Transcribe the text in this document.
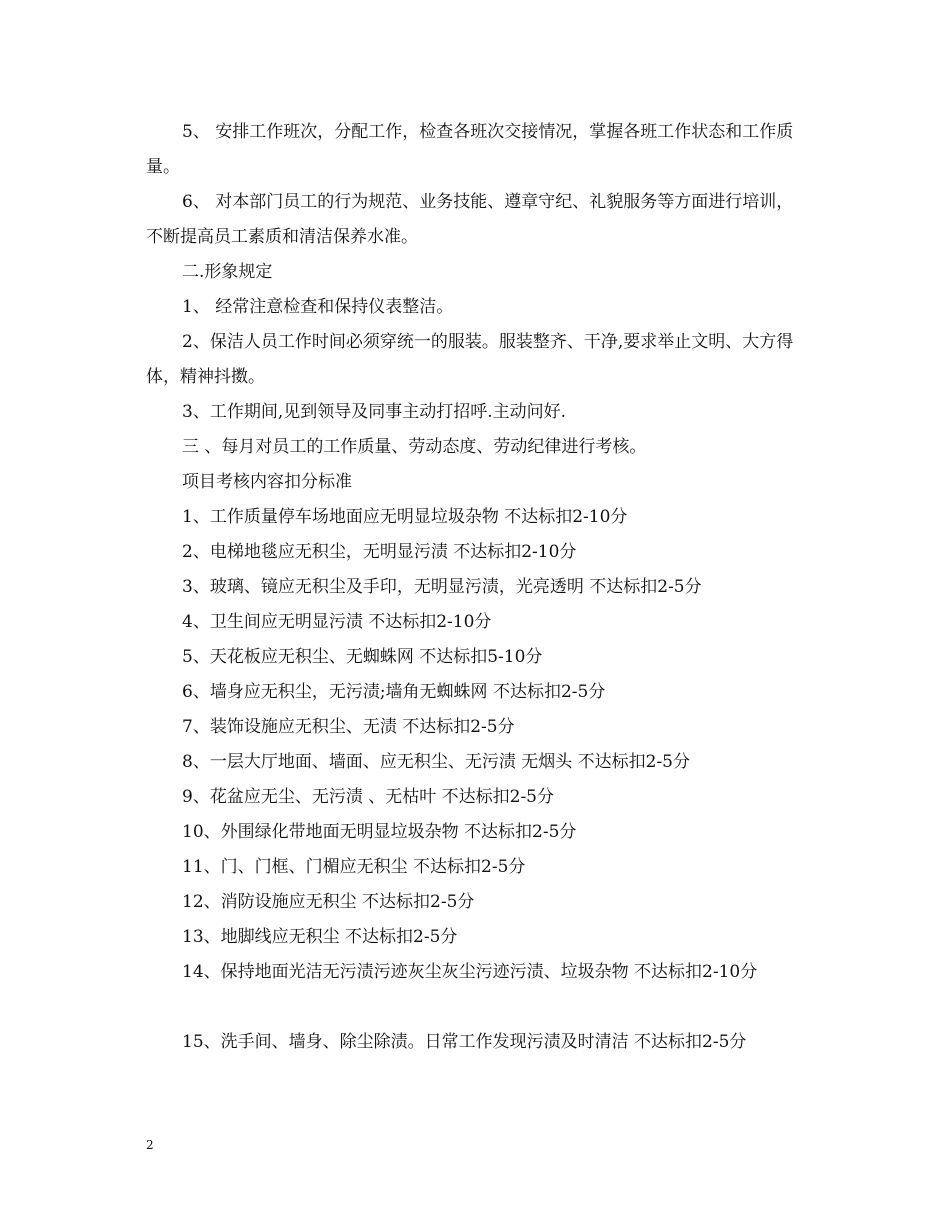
5、 安排工作班次，分配工作，检查各班次交接情况，掌握各班工作状态和工作质量。
6、 对本部门员工的行为规范、业务技能、遵章守纪、礼貌服务等方面进行培训，不断提高员工素质和清洁保养水准。
二.形象规定
1、 经常注意检查和保持仪表整洁。
2、保洁人员工作时间必须穿统一的服装。服装整齐、干净,要求举止文明、大方得体，精神抖擞。
3、工作期间,见到领导及同事主动打招呼.主动问好.
三 、每月对员工的工作质量、劳动态度、劳动纪律进行考核。
项目考核内容扣分标准
1、工作质量停车场地面应无明显垃圾杂物 不达标扣2-10分
2、电梯地毯应无积尘，无明显污渍 不达标扣2-10分
3、玻璃、镜应无积尘及手印，无明显污渍，光亮透明 不达标扣2-5分
4、卫生间应无明显污渍 不达标扣2-10分
5、天花板应无积尘、无蜘蛛网 不达标扣5-10分
6、墙身应无积尘，无污渍;墙角无蜘蛛网 不达标扣2-5分
7、装饰设施应无积尘、无渍 不达标扣2-5分
8、一层大厅地面、墙面、应无积尘、无污渍 无烟头 不达标扣2-5分
9、花盆应无尘、无污渍 、无枯叶 不达标扣2-5分
10、外围绿化带地面无明显垃圾杂物 不达标扣2-5分
11、门、门框、门楣应无积尘 不达标扣2-5分
12、消防设施应无积尘 不达标扣2-5分
13、地脚线应无积尘 不达标扣2-5分
14、保持地面光洁无污渍污迹灰尘灰尘污迹污渍、垃圾杂物 不达标扣2-10分
15、洗手间、墙身、除尘除渍。日常工作发现污渍及时清洁 不达标扣2-5分
2
